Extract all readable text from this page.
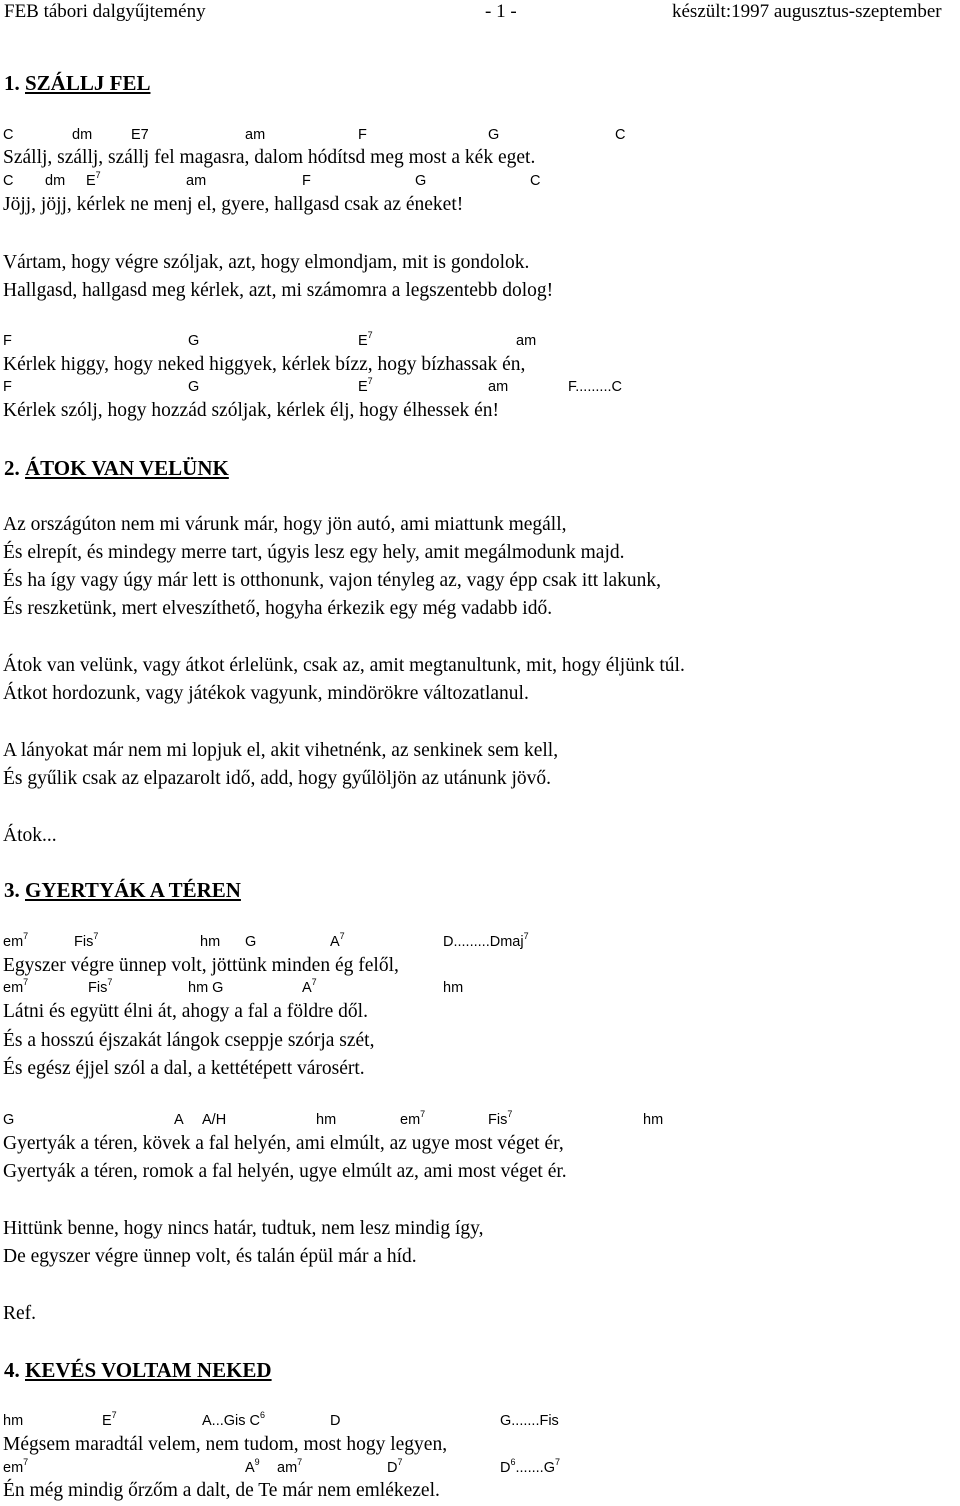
FEB tábori dalgyűjtemény	- 1 -	készült:1997 augusztus-szeptember
1. SZÁLLJ FEL
C	dm	E7	am	F	G	C
Szállj, szállj, szállj fel magasra, dalom hódítsd meg most a kék eget.
C dm $E^7$	am	F	G	C
Jöjj, jöjj, kérlek ne menj el, gyere, hallgasd csak az éneket!
Vártam, hogy végre szóljak, azt, hogy elmondjam, mit is gondolok.
Hallgasd, hallgasd meg kérlek, azt, mi számomra a legszentebb dolog!
F	G	$E^7$	am
Kérlek higgy, hogy neked higgyek, kérlek bízz, hogy bízhassak én,
F	G	$E^7$	am	F.........C
Kérlek szólj, hogy hozzád szóljak, kérlek élj, hogy élhessek én!
2. ÁTOK VAN VELÜNK
Az országúton nem mi várunk már, hogy jön autó, ami miattunk megáll,
És elrepít, és mindegy merre tart, úgyis lesz egy hely, amit megálmodunk majd.
És ha így vagy úgy már lett is otthonunk, vajon tényleg az, vagy épp csak itt lakunk,
És reszketünk, mert elveszíthető, hogyha érkezik egy még vadabb idő.
Átok van velünk, vagy átkot érlelünk, csak az, amit megtanultunk, mit, hogy éljünk túl.
Átkot hordozunk, vagy játékok vagyunk, mindörökre változatlanul.
A lányokat már nem mi lopjuk el, akit vihetnénk, az senkinek sem kell,
És gyűlik csak az elpazarolt idő, add, hogy gyűlöljön az utánunk jövő.
Átok...
3. GYERTYÁK A TÉREN
$em^7$	Fis$^7$	hm G	$A^7$	D.........Dmaj$^7$
Egyszer végre ünnep volt, jöttünk minden ég felől,
$em^7$	Fis$^7$	hm G	$A^7$	hm
Látni és együtt élni át, ahogy a fal a földre dől.
És a hosszú éjszakát lángok cseppje szórja szét,
És egész éjjel szól a dal, a kettétépett városért.
G	A A/H	hm	$em^7$	Fis$^7$	hm
Gyertyák a téren, kövek a fal helyén, ami elmúlt, az ugye most véget ér,
Gyertyák a téren, romok a fal helyén, ugye elmúlt az, ami most véget ér.
Hittünk benne, hogy nincs határ, tudtuk, nem lesz mindig így,
De egyszer végre ünnep volt, és talán épül már a híd.
Ref.
4. KEVÉS VOLTAM NEKED
hm	$E^7$	A...Gis $C^6$	D	G.......Fis
Mégsem maradtál velem, nem tudom, most hogy legyen,
$em^7$	$A^9$ $am^7$	$D^7$	$D^6.......G^7$
Én még mindig őrzőm a dalt, de Te már nem emlékezel.
